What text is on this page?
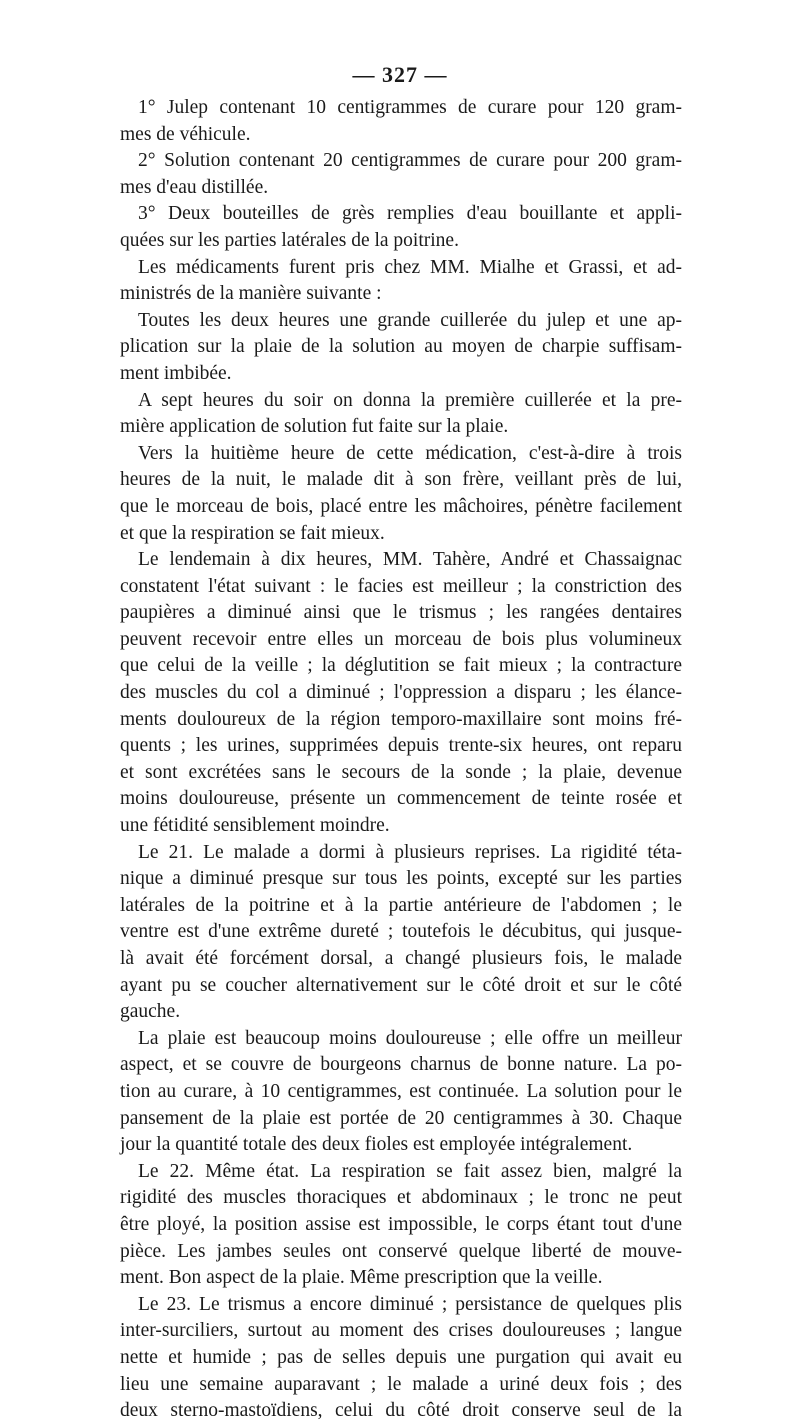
— 327 —
1° Julep contenant 10 centigrammes de curare pour 120 gram-
mes de véhicule.
2° Solution contenant 20 centigrammes de curare pour 200 gram-
mes d'eau distillée.
3° Deux bouteilles de grès remplies d'eau bouillante et appli-
quées sur les parties latérales de la poitrine.
Les médicaments furent pris chez MM. Mialhe et Grassi, et ad-
ministrés de la manière suivante :
Toutes les deux heures une grande cuillerée du julep et une ap-
plication sur la plaie de la solution au moyen de charpie suffisam-
ment imbibée.
A sept heures du soir on donna la première cuillerée et la pre-
mière application de solution fut faite sur la plaie.
Vers la huitième heure de cette médication, c'est-à-dire à trois
heures de la nuit, le malade dit à son frère, veillant près de lui,
que le morceau de bois, placé entre les mâchoires, pénètre facilement
et que la respiration se fait mieux.
Le lendemain à dix heures, MM. Tahère, André et Chassaignac
constatent l'état suivant : le facies est meilleur ; la constriction des
paupières a diminué ainsi que le trismus ; les rangées dentaires
peuvent recevoir entre elles un morceau de bois plus volumineux
que celui de la veille ; la déglutition se fait mieux ; la contracture
des muscles du col a diminué ; l'oppression a disparu ; les élance-
ments douloureux de la région temporo-maxillaire sont moins fré-
quents ; les urines, supprimées depuis trente-six heures, ont reparu
et sont excrétées sans le secours de la sonde ; la plaie, devenue
moins douloureuse, présente un commencement de teinte rosée et
une fétidité sensiblement moindre.
Le 21. Le malade a dormi à plusieurs reprises. La rigidité téta-
nique a diminué presque sur tous les points, excepté sur les parties
latérales de la poitrine et à la partie antérieure de l'abdomen ; le
ventre est d'une extrême dureté ; toutefois le décubitus, qui jusque-
là avait été forcément dorsal, a changé plusieurs fois, le malade
ayant pu se coucher alternativement sur le côté droit et sur le côté
gauche.
La plaie est beaucoup moins douloureuse ; elle offre un meilleur
aspect, et se couvre de bourgeons charnus de bonne nature. La po-
tion au curare, à 10 centigrammes, est continuée. La solution pour le
pansement de la plaie est portée de 20 centigrammes à 30. Chaque
jour la quantité totale des deux fioles est employée intégralement.
Le 22. Même état. La respiration se fait assez bien, malgré la
rigidité des muscles thoraciques et abdominaux ; le tronc ne peut
être ployé, la position assise est impossible, le corps étant tout d'une
pièce. Les jambes seules ont conservé quelque liberté de mouve-
ment. Bon aspect de la plaie. Même prescription que la veille.
Le 23. Le trismus a encore diminué ; persistance de quelques plis
inter-surciliers, surtout au moment des crises douloureuses ; langue
nette et humide ; pas de selles depuis une purgation qui avait eu
lieu une semaine auparavant ; le malade a uriné deux fois ; des
deux sterno-mastoïdiens, celui du côté droit conserve seul de la
